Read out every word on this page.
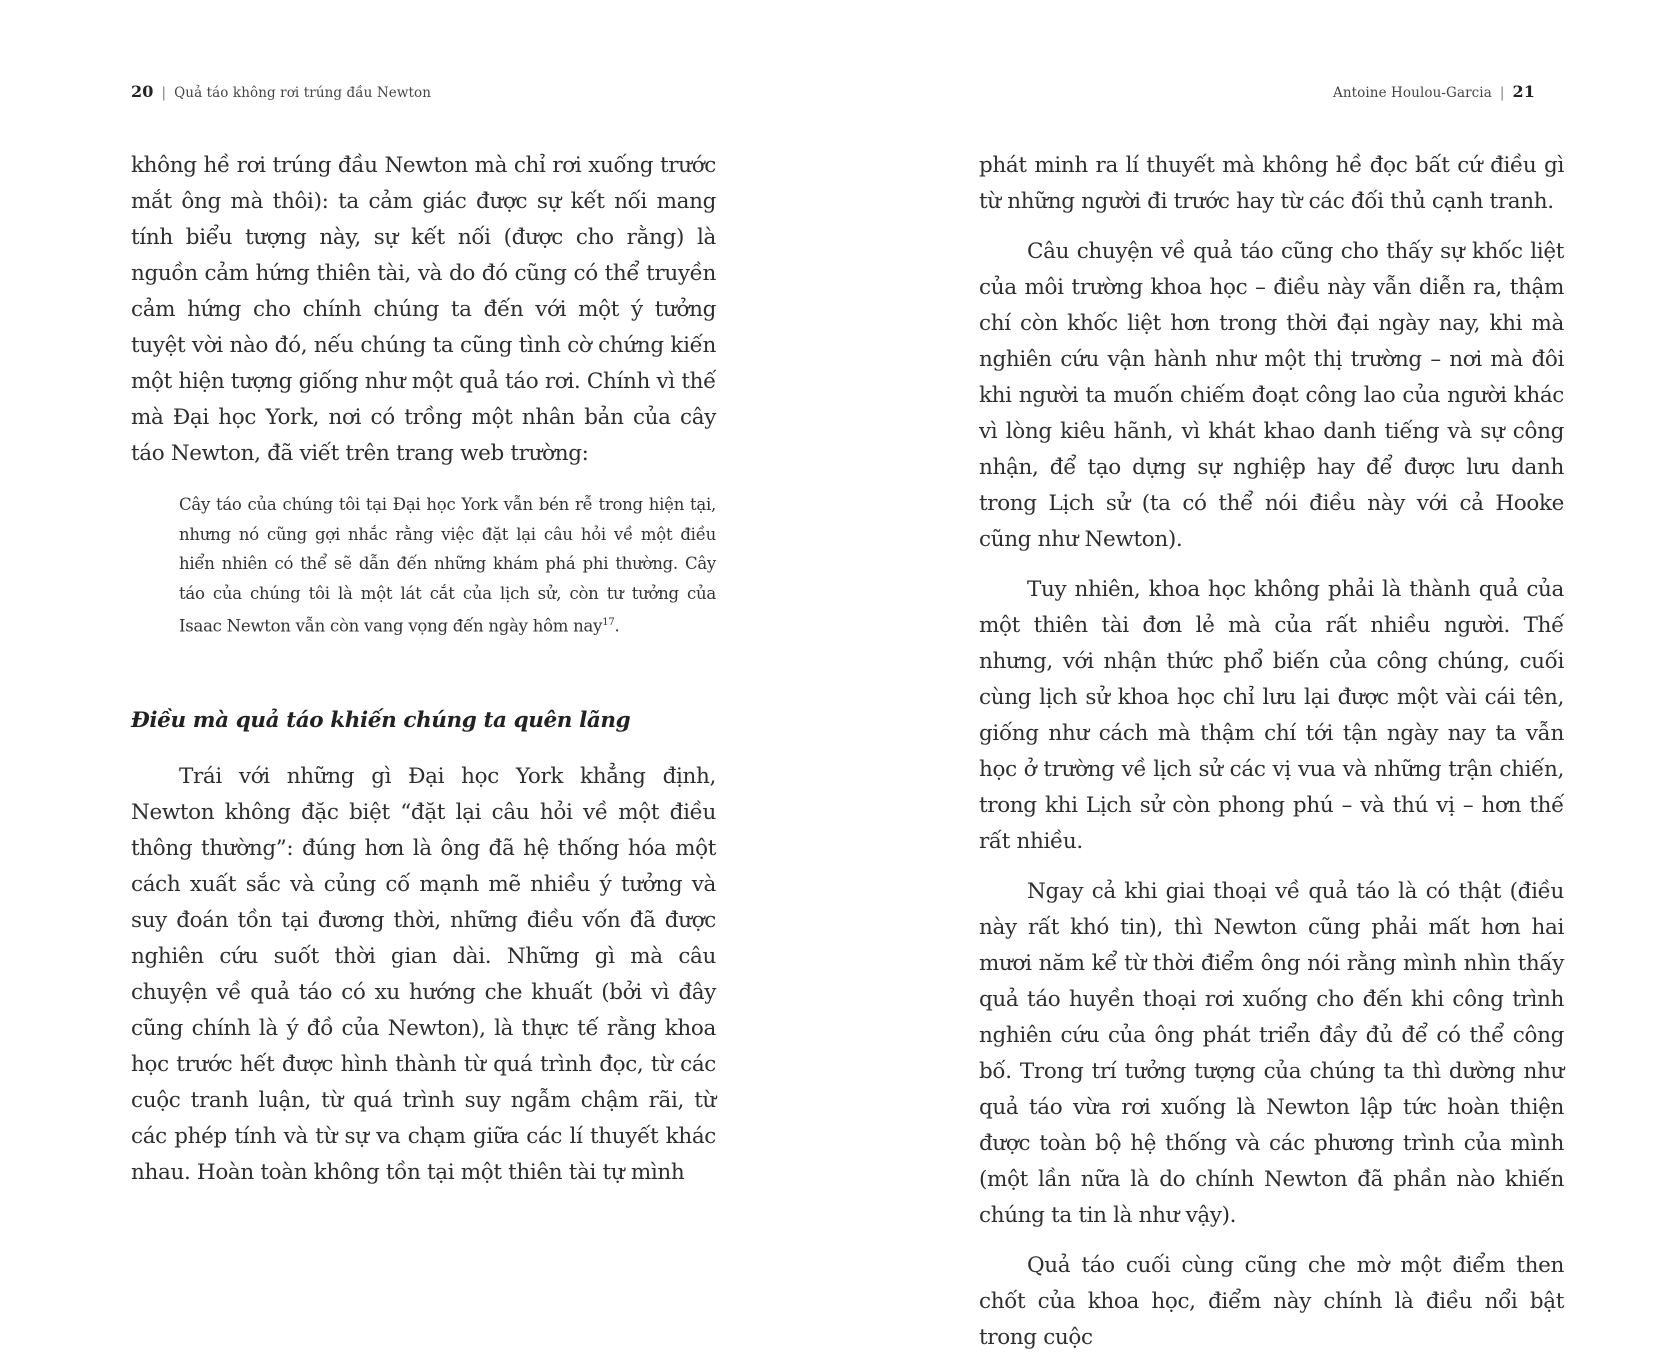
20 | Quả táo không rơi trúng đầu Newton

không hề rơi trúng đầu Newton mà chỉ rơi xuống trước mắt ông mà thôi): ta cảm giác được sự kết nối mang tính biểu tượng này, sự kết nối (được cho rằng) là nguồn cảm hứng thiên tài, và do đó cũng có thể truyền cảm hứng cho chính chúng ta đến với một ý tưởng tuyệt vời nào đó, nếu chúng ta cũng tình cờ chứng kiến một hiện tượng giống như một quả táo rơi. Chính vì thế mà Đại học York, nơi có trồng một nhân bản của cây táo Newton, đã viết trên trang web trường:

Cây táo của chúng tôi tại Đại học York vẫn bén rễ trong hiện tại, nhưng nó cũng gợi nhắc rằng việc đặt lại câu hỏi về một điều hiển nhiên có thể sẽ dẫn đến những khám phá phi thường. Cây táo của chúng tôi là một lát cắt của lịch sử, còn tư tưởng của Isaac Newton vẫn còn vang vọng đến ngày hôm nay$^{17}$.

Điều mà quả táo khiến chúng ta quên lãng

Trái với những gì Đại học York khẳng định, Newton không đặc biệt “đặt lại câu hỏi về một điều thông thường”: đúng hơn là ông đã hệ thống hóa một cách xuất sắc và củng cố mạnh mẽ nhiều ý tưởng và suy đoán tồn tại đương thời, những điều vốn đã được nghiên cứu suốt thời gian dài. Những gì mà câu chuyện về quả táo có xu hướng che khuất (bởi vì đây cũng chính là ý đồ của Newton), là thực tế rằng khoa học trước hết được hình thành từ quá trình đọc, từ các cuộc tranh luận, từ quá trình suy ngẫm chậm rãi, từ các phép tính và từ sự va chạm giữa các lí thuyết khác nhau. Hoàn toàn không tồn tại một thiên tài tự mình

Antoine Houlou-Garcia | 21

phát minh ra lí thuyết mà không hề đọc bất cứ điều gì từ những người đi trước hay từ các đối thủ cạnh tranh.

Câu chuyện về quả táo cũng cho thấy sự khốc liệt của môi trường khoa học – điều này vẫn diễn ra, thậm chí còn khốc liệt hơn trong thời đại ngày nay, khi mà nghiên cứu vận hành như một thị trường – nơi mà đôi khi người ta muốn chiếm đoạt công lao của người khác vì lòng kiêu hãnh, vì khát khao danh tiếng và sự công nhận, để tạo dựng sự nghiệp hay để được lưu danh trong Lịch sử (ta có thể nói điều này với cả Hooke cũng như Newton).

Tuy nhiên, khoa học không phải là thành quả của một thiên tài đơn lẻ mà của rất nhiều người. Thế nhưng, với nhận thức phổ biến của công chúng, cuối cùng lịch sử khoa học chỉ lưu lại được một vài cái tên, giống như cách mà thậm chí tới tận ngày nay ta vẫn học ở trường về lịch sử các vị vua và những trận chiến, trong khi Lịch sử còn phong phú – và thú vị – hơn thế rất nhiều.

Ngay cả khi giai thoại về quả táo là có thật (điều này rất khó tin), thì Newton cũng phải mất hơn hai mươi năm kể từ thời điểm ông nói rằng mình nhìn thấy quả táo huyền thoại rơi xuống cho đến khi công trình nghiên cứu của ông phát triển đầy đủ để có thể công bố. Trong trí tưởng tượng của chúng ta thì dường như quả táo vừa rơi xuống là Newton lập tức hoàn thiện được toàn bộ hệ thống và các phương trình của mình (một lần nữa là do chính Newton đã phần nào khiến chúng ta tin là như vậy).

Quả táo cuối cùng cũng che mờ một điểm then chốt của khoa học, điểm này chính là điều nổi bật trong cuộc
